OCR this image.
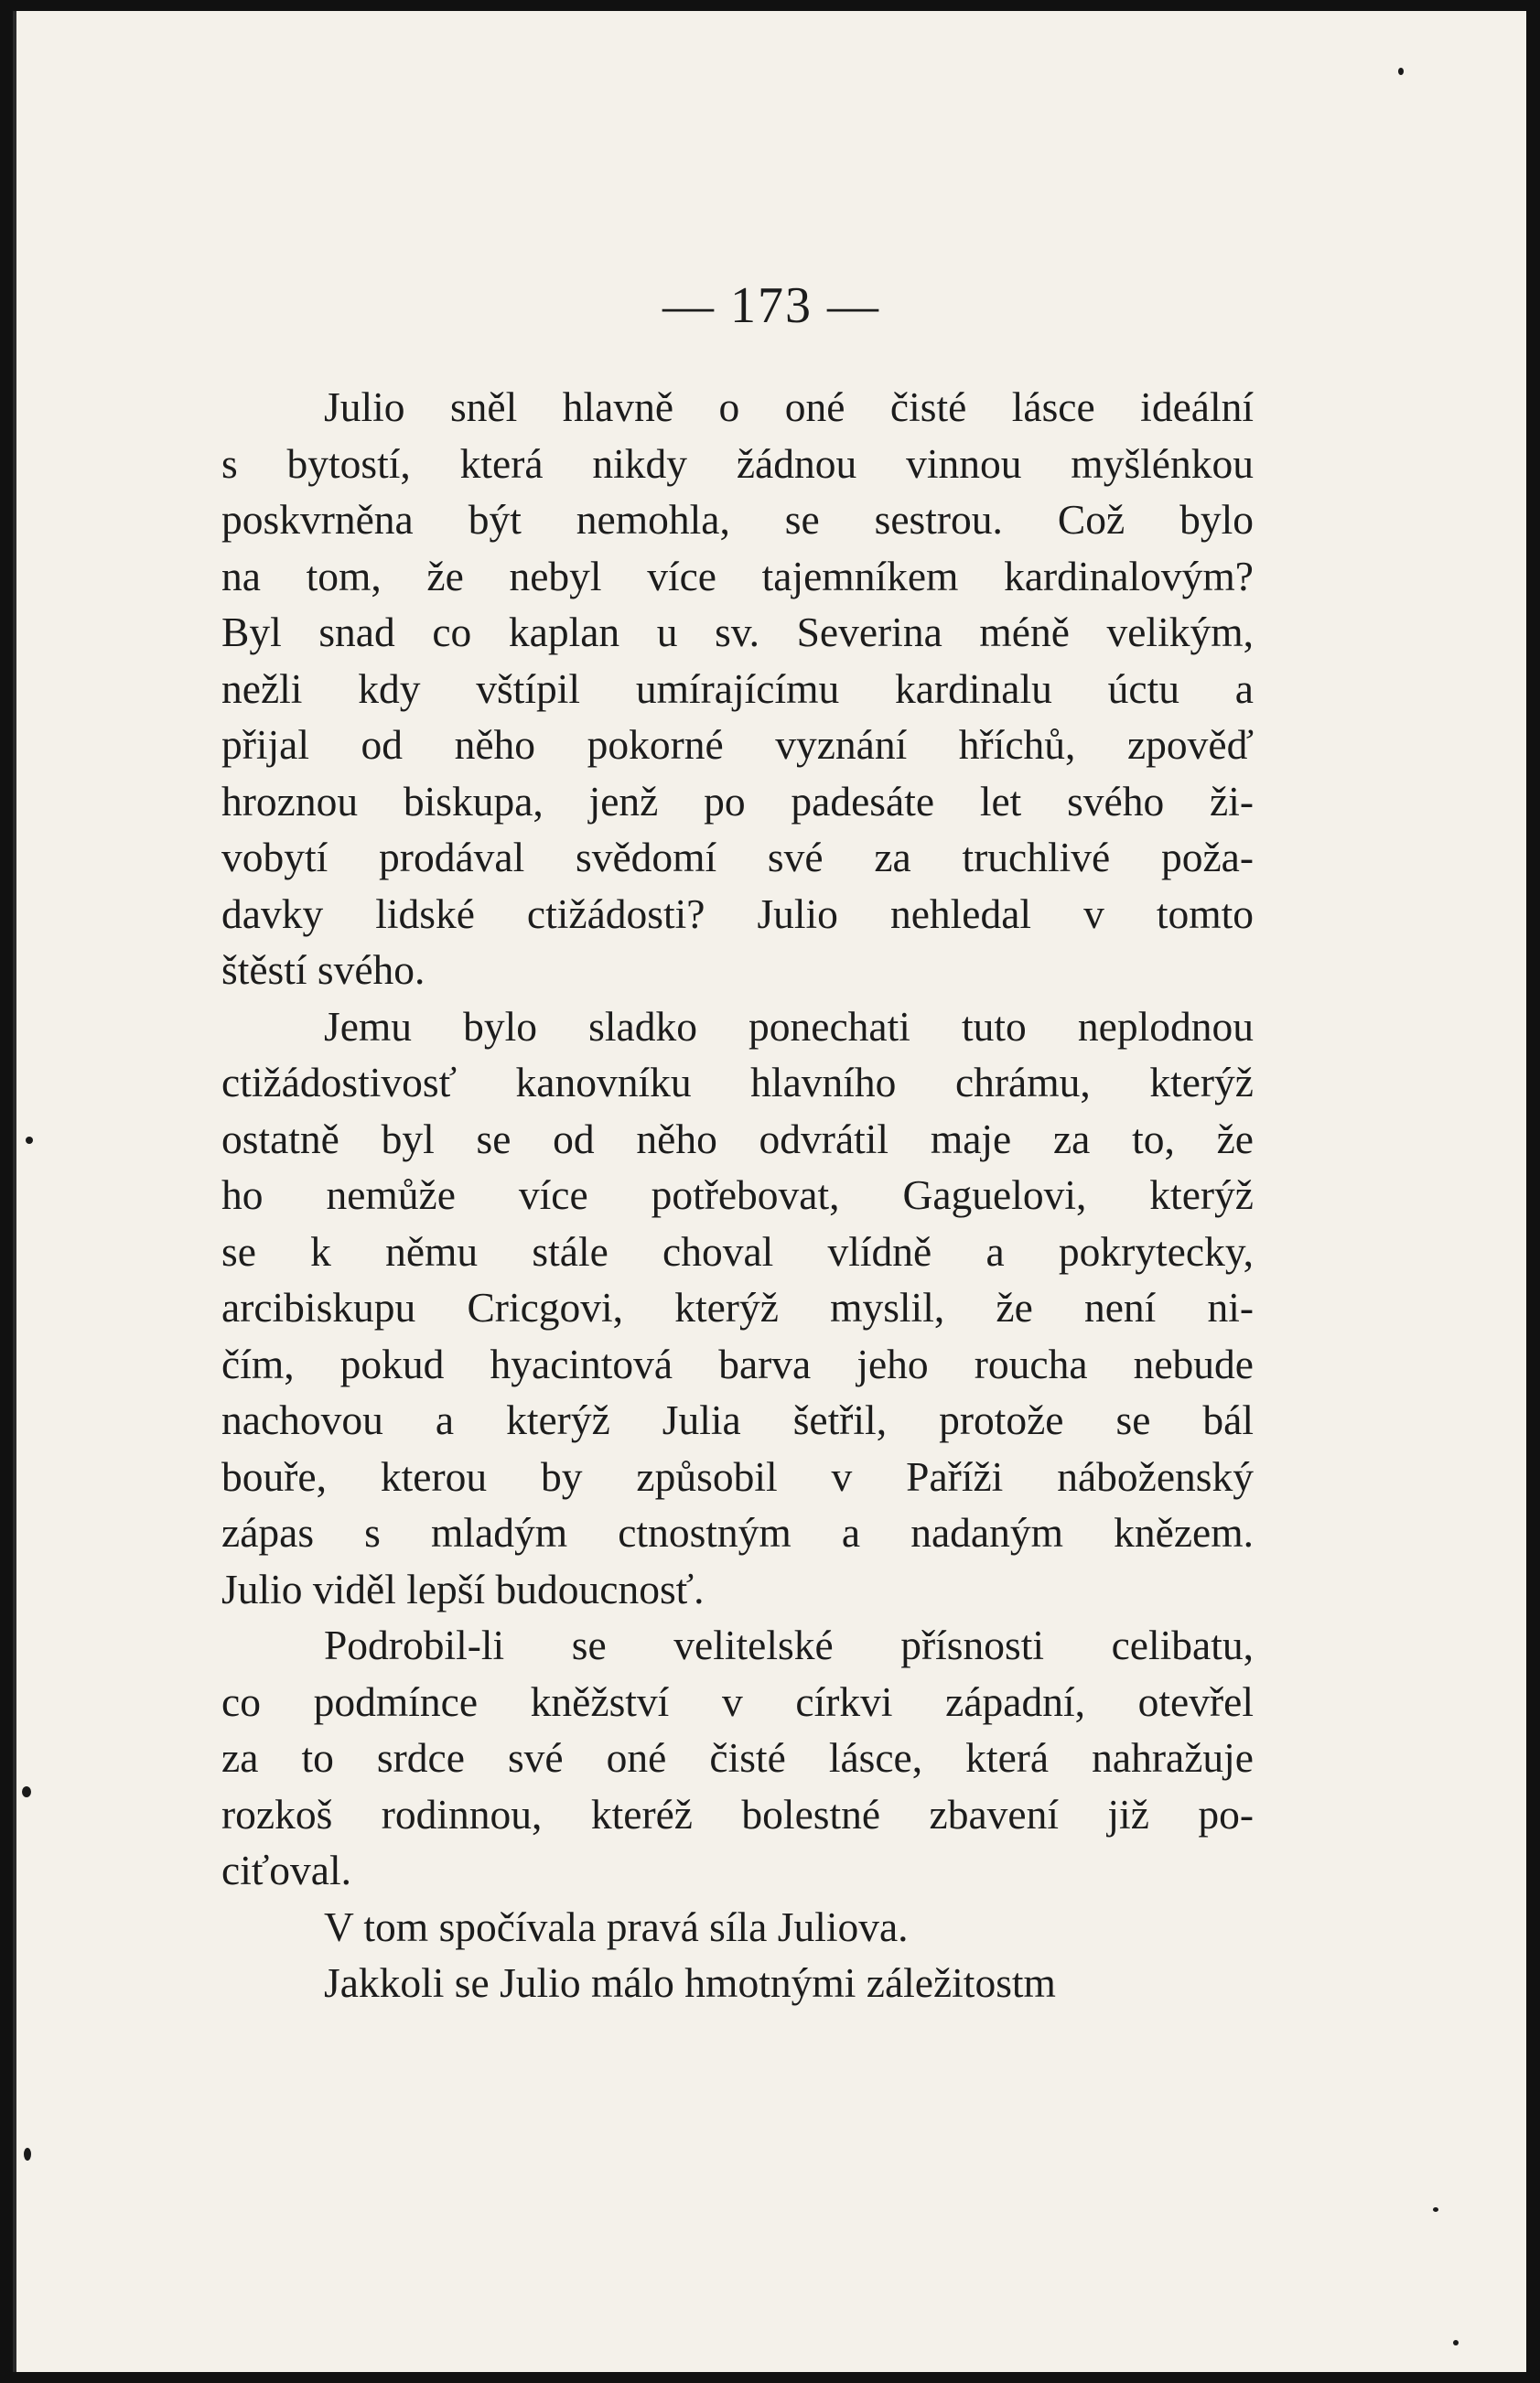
— 173 —
Julio sněl hlavně o oné čisté lásce ideální
s bytostí, která nikdy žádnou vinnou myšlénkou
poskvrněna být nemohla, se sestrou. Což bylo
na tom, že nebyl více tajemníkem kardinalovým?
Byl snad co kaplan u sv. Severina méně velikým,
nežli kdy vštípil umírajícímu kardinalu úctu a
přijal od něho pokorné vyznání hříchů, zpověď
hroznou biskupa, jenž po padesáte let svého ži-
vobytí prodával svědomí své za truchlivé poža-
davky lidské ctižádosti? Julio nehledal v tomto
štěstí svého.
Jemu bylo sladko ponechati tuto neplodnou
ctižádostivosť kanovníku hlavního chrámu, kterýž
ostatně byl se od něho odvrátil maje za to, že
ho nemůže více potřebovat, Gaguelovi, kterýž
se k němu stále choval vlídně a pokrytecky,
arcibiskupu Cricgovi, kterýž myslil, že není ni-
čím, pokud hyacintová barva jeho roucha nebude
nachovou a kterýž Julia šetřil, protože se bál
bouře, kterou by způsobil v Paříži náboženský
zápas s mladým ctnostným a nadaným knězem.
Julio viděl lepší budoucnosť.
Podrobil-li se velitelské přísnosti celibatu,
co podmínce kněžství v církvi západní, otevřel
za to srdce své oné čisté lásce, která nahražuje
rozkoš rodinnou, kteréž bolestné zbavení již po-
ciťoval.
V tom spočívala pravá síla Juliova.
Jakkoli se Julio málo hmotnými záležitostm
